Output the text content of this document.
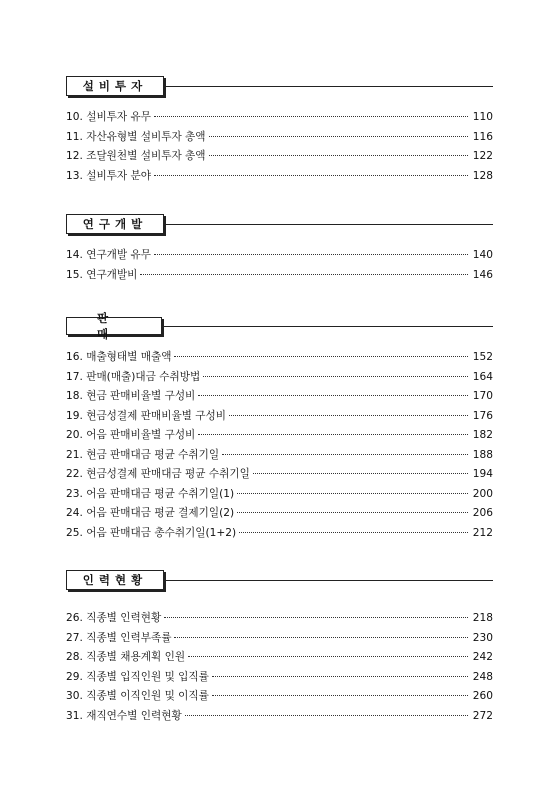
설비투자
10. 설비투자 유무	110
11. 자산유형별 설비투자 총액	116
12. 조달원천별 설비투자 총액	122
13. 설비투자 분야	128
연구개발
14. 연구개발 유무	140
15. 연구개발비	146
판매
16. 매출형태별 매출액	152
17. 판매(매출)대금 수취방법	164
18. 현금 판매비율별 구성비	170
19. 현금성결제 판매비율별 구성비	176
20. 어음 판매비율별 구성비	182
21. 현금 판매대금 평균 수취기일	188
22. 현금성결제 판매대금 평균 수취기일	194
23. 어음 판매대금 평균 수취기일(1)	200
24. 어음 판매대금 평균 결제기일(2)	206
25. 어음 판매대금 총수취기일(1+2)	212
인력현황
26. 직종별 인력현황	218
27. 직종별 인력부족률	230
28. 직종별 채용계획 인원	242
29. 직종별 입직인원 및 입직률	248
30. 직종별 이직인원 및 이직률	260
31. 재직연수별 인력현황	272
